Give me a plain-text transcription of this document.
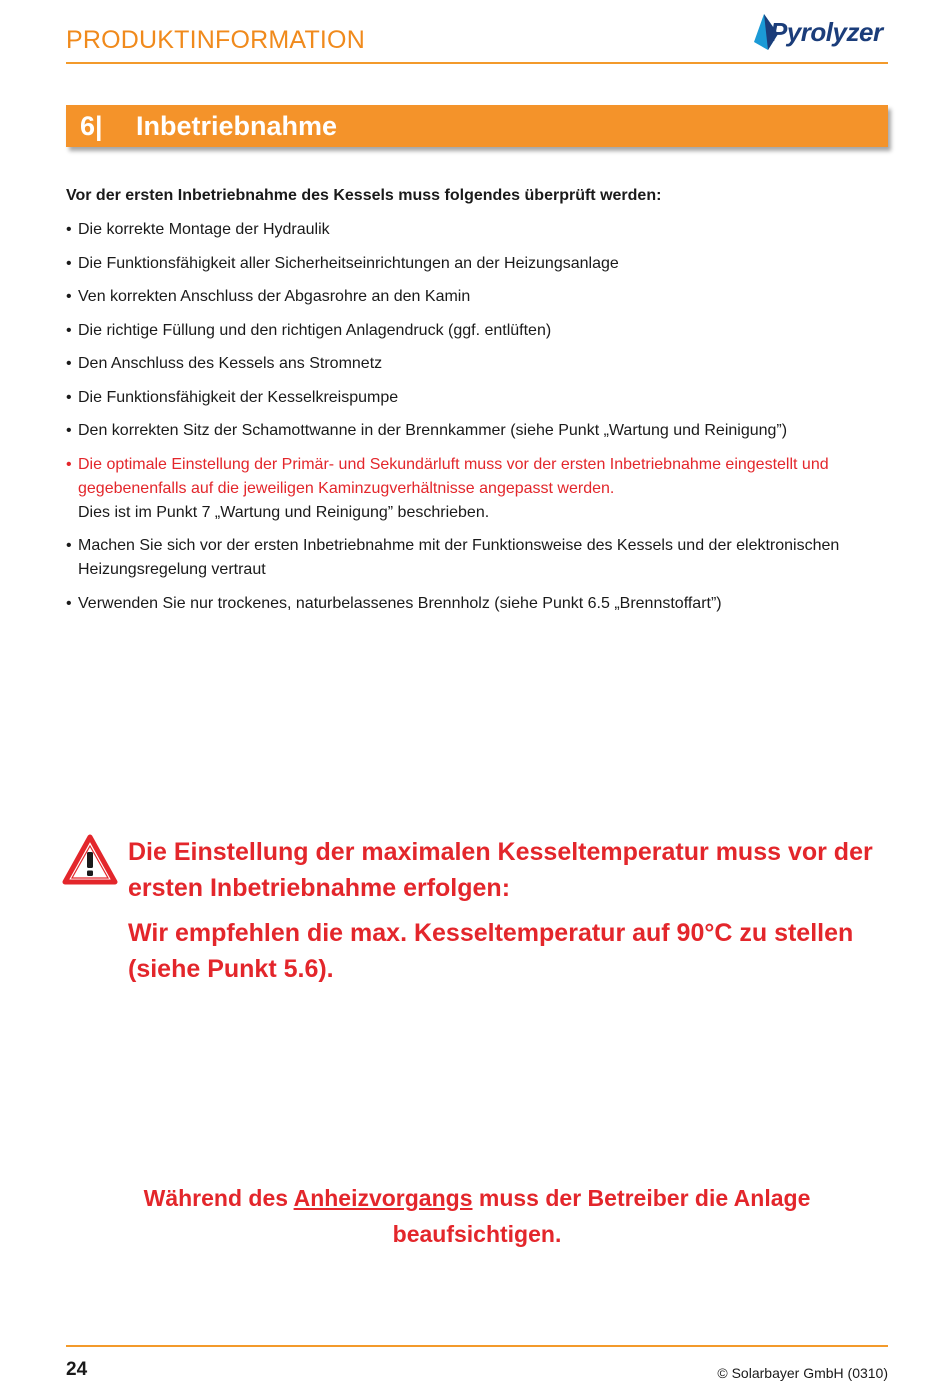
PRODUKTINFORMATION	Pyrolyzer
6| Inbetriebnahme
Vor der ersten Inbetriebnahme des Kessels muss folgendes überprüft werden:
• Die korrekte Montage der Hydraulik
• Die Funktionsfähigkeit aller Sicherheitseinrichtungen an der Heizungsanlage
• Ven korrekten Anschluss der Abgasrohre an den Kamin
• Die richtige Füllung und den richtigen Anlagendruck (ggf. entlüften)
• Den Anschluss des Kessels ans Stromnetz
• Die Funktionsfähigkeit der Kesselkreispumpe
• Den korrekten Sitz der Schamottwanne in der Brennkammer (siehe Punkt „Wartung und Reinigung”)
• Die optimale Einstellung der Primär- und Sekundärluft muss vor der ersten Inbetriebnahme eingestellt und gegebenenfalls auf die jeweiligen Kaminzugverhältnisse angepasst werden.
Dies ist im Punkt 7 „Wartung und Reinigung” beschrieben.
• Machen Sie sich vor der ersten Inbetriebnahme mit der Funktionsweise des Kessels und der elektronischen Heizungsregelung vertraut
• Verwenden Sie nur trockenes, naturbelassenes Brennholz (siehe Punkt 6.5 „Brennstoffart”)

Die Einstellung der maximalen Kesseltemperatur muss vor der ersten Inbetriebnahme erfolgen:

Wir empfehlen die max. Kesseltemperatur auf 90°C zu stellen (siehe Punkt 5.6).

Während des Anheizvorgangs muss der Betreiber die Anlage beaufsichtigen.
24	© Solarbayer GmbH (0310)
